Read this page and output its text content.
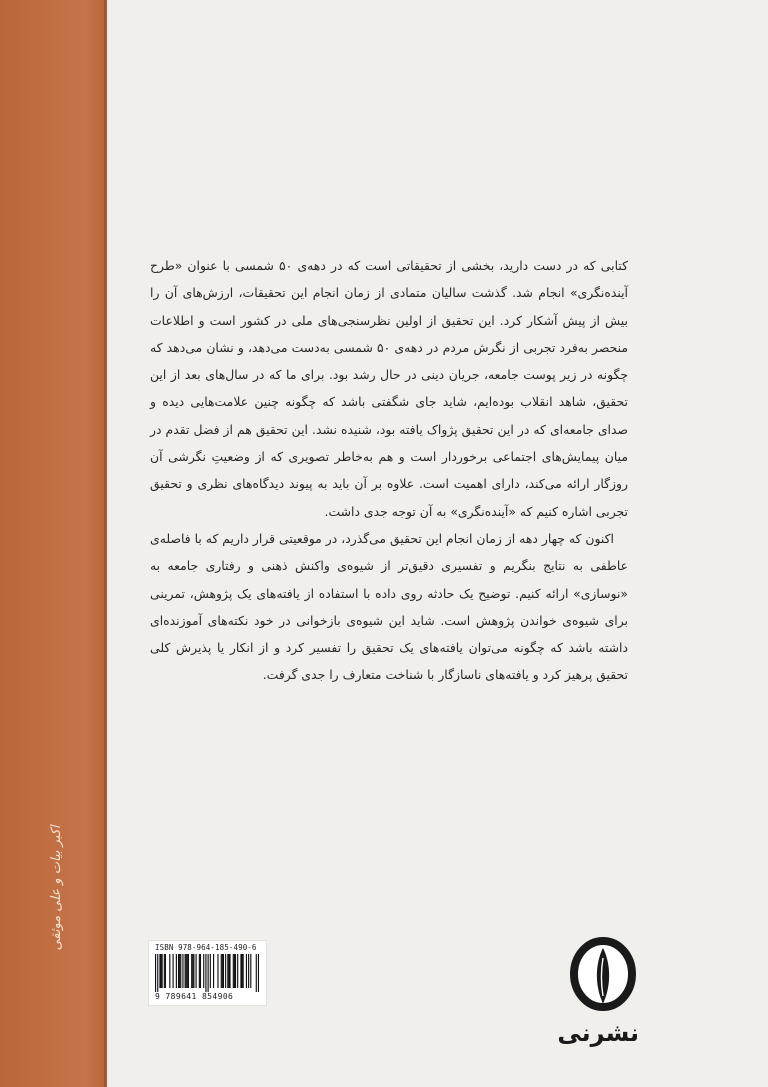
اکبر بیات و علی موثقی

کتابی که در دست دارید، بخشی از تحقیقاتی است که در دهه‌ی ۵۰ شمسی با عنوان «طرح آینده‌نگری» انجام شد. گذشت سالیان متمادی از زمان انجام این تحقیقات، ارزش‌های آن را بیش از پیش آشکار کرد. این تحقیق از اولین نظرسنجی‌های ملی در کشور است و اطلاعات منحصر به‌فرد تجربی از نگرش مردم در دهه‌ی ۵۰ شمسی به‌دست می‌دهد، و نشان می‌دهد که چگونه در زیر پوست جامعه، جریان دینی در حال رشد بود. برای ما که در سال‌های بعد از این تحقیق، شاهد انقلاب بوده‌ایم، شاید جای شگفتی باشد که چگونه چنین علامت‌هایی دیده و صدای جامعه‌ای که در این تحقیق پژواک یافته بود، شنیده نشد. این تحقیق هم از فضل تقدم در میان پیمایش‌های اجتماعی برخوردار است و هم به‌خاطر تصویری که از وضعیتِ نگرشی آن روزگار ارائه می‌کند، دارای اهمیت است. علاوه بر آن باید به پیوند دیدگاه‌های نظری و تحقیق تجربی اشاره کنیم که «آینده‌نگری» به آن توجه جدی داشت.

اکنون که چهار دهه از زمان انجام این تحقیق می‌گذرد، در موقعیتی قرار داریم که با فاصله‌ی عاطفی به نتایج بنگریم و تفسیری دقیق‌تر از شیوه‌ی واکنش ذهنی و رفتاری جامعه به «نوسازی» ارائه کنیم. توضیح یک حادثه روی داده با استفاده از یافته‌های یک پژوهش، تمرینی برای شیوه‌ی خواندن پژوهش است. شاید این شیوه‌ی بازخوانی در خود نکته‌های آموزنده‌ای داشته باشد که چگونه می‌توان یافته‌های یک تحقیق را تفسیر کرد و از انکار یا پذیرش کلی تحقیق پرهیز کرد و یافته‌های ناسازگار با شناخت متعارف را جدی گرفت.

ISBN 978-964-185-490-6
9 789641 854906
نشرنی
